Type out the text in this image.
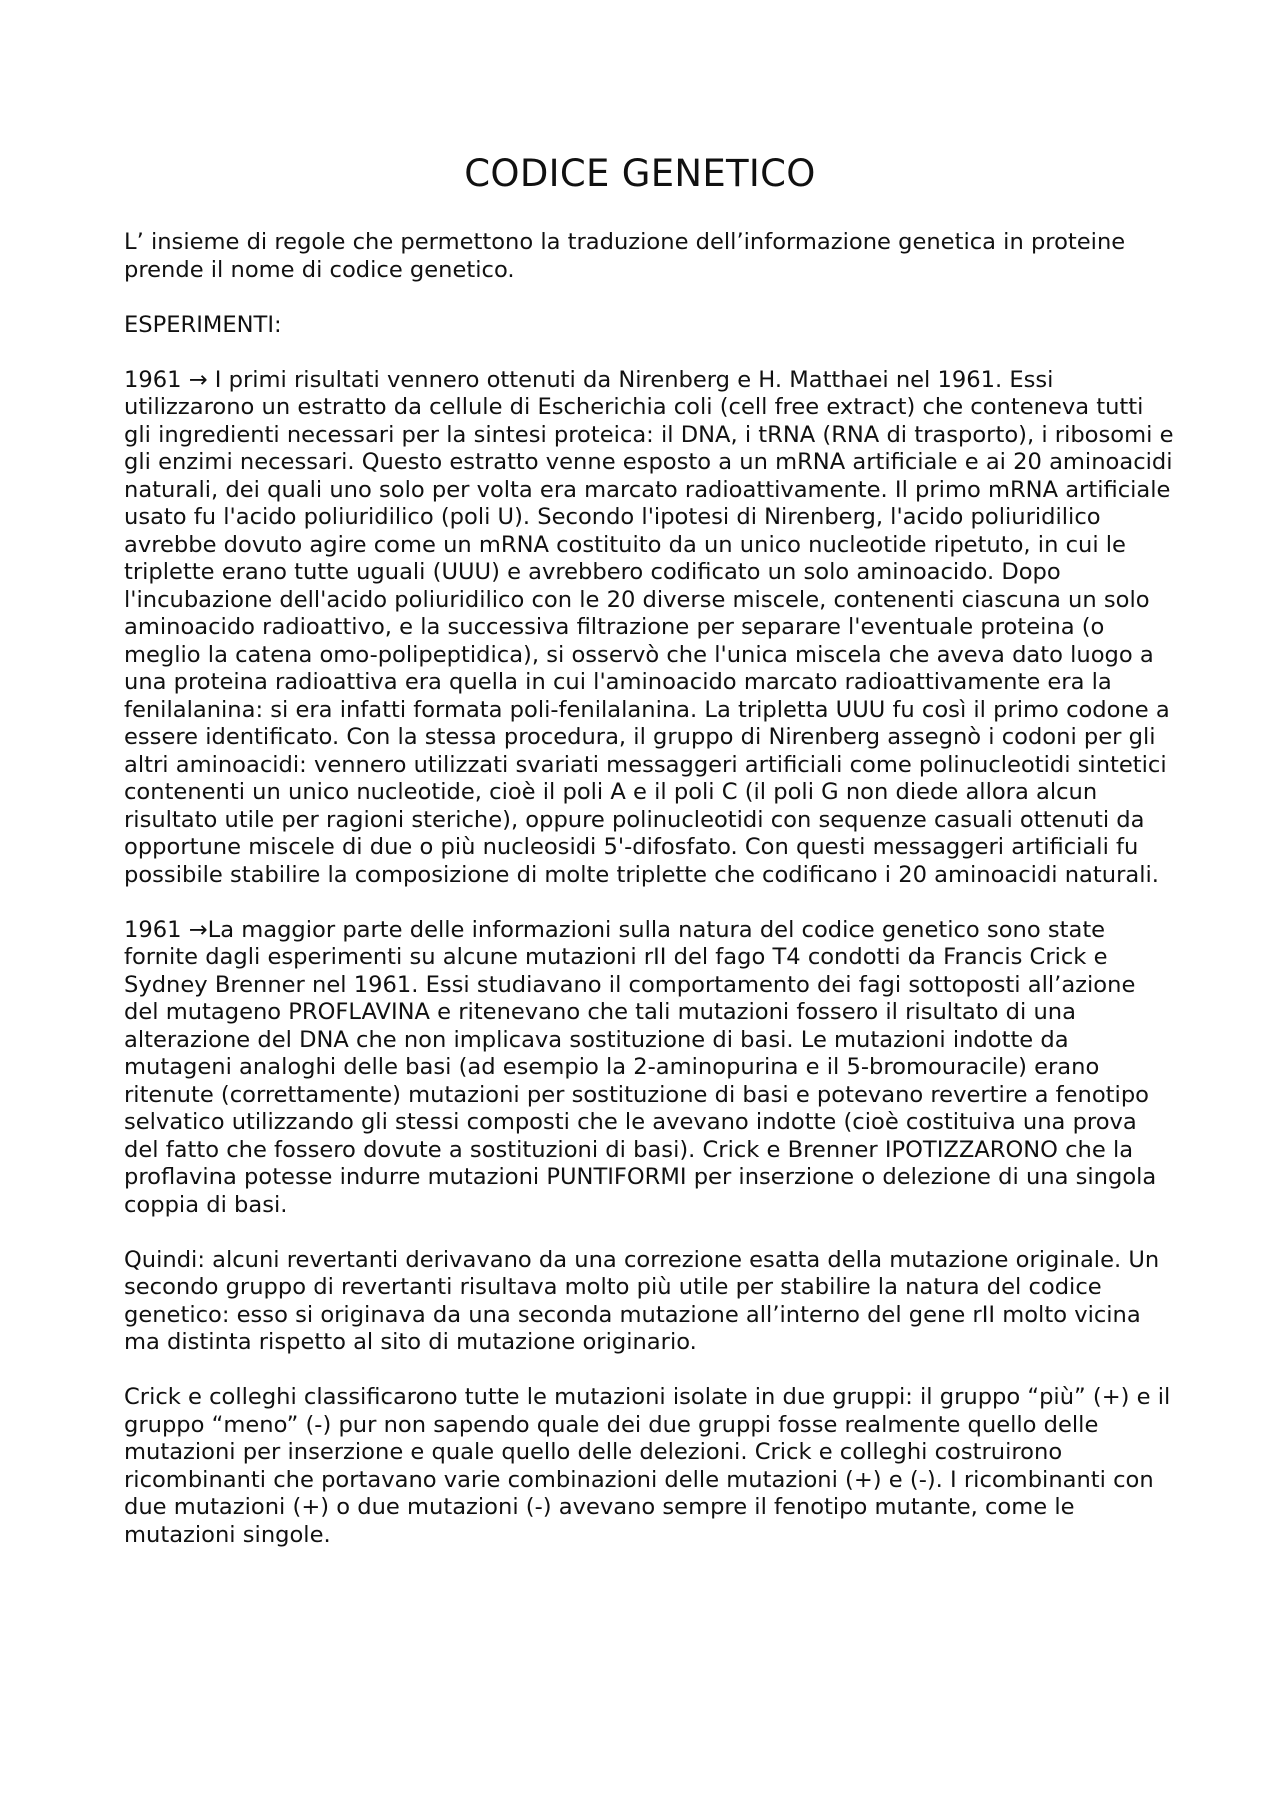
CODICE GENETICO

L’ insieme di regole che permettono la traduzione dell’informazione genetica in proteine prende il nome di codice genetico.

ESPERIMENTI:

1961 → I primi risultati vennero ottenuti da Nirenberg e H. Matthaei nel 1961. Essi utilizzarono un estratto da cellule di Escherichia coli (cell free extract) che conteneva tutti gli ingredienti necessari per la sintesi proteica: il DNA, i tRNA (RNA di trasporto), i ribosomi e gli enzimi necessari. Questo estratto venne esposto a un mRNA artificiale e ai 20 aminoacidi naturali, dei quali uno solo per volta era marcato radioattivamente. Il primo mRNA artificiale usato fu l'acido poliuridilico (poli U). Secondo l'ipotesi di Nirenberg, l'acido poliuridilico avrebbe dovuto agire come un mRNA costituito da un unico nucleotide ripetuto, in cui le triplette erano tutte uguali (UUU) e avrebbero codificato un solo aminoacido. Dopo l'incubazione dell'acido poliuridilico con le 20 diverse miscele, contenenti ciascuna un solo aminoacido radioattivo, e la successiva filtrazione per separare l'eventuale proteina (o meglio la catena omo-polipeptidica), si osservò che l'unica miscela che aveva dato luogo a una proteina radioattiva era quella in cui l'aminoacido marcato radioattivamente era la fenilalanina: si era infatti formata poli-fenilalanina. La tripletta UUU fu così il primo codone a essere identificato. Con la stessa procedura, il gruppo di Nirenberg assegnò i codoni per gli altri aminoacidi: vennero utilizzati svariati messaggeri artificiali come polinucleotidi sintetici contenenti un unico nucleotide, cioè il poli A e il poli C (il poli G non diede allora alcun risultato utile per ragioni steriche), oppure polinucleotidi con sequenze casuali ottenuti da opportune miscele di due o più nucleosidi 5'-difosfato. Con questi messaggeri artificiali fu possibile stabilire la composizione di molte triplette che codificano i 20 aminoacidi naturali.

1961 →La maggior parte delle informazioni sulla natura del codice genetico sono state fornite dagli esperimenti su alcune mutazioni rII del fago T4 condotti da Francis Crick e Sydney Brenner nel 1961. Essi studiavano il comportamento dei fagi sottoposti all’azione del mutageno PROFLAVINA e ritenevano che tali mutazioni fossero il risultato di una alterazione del DNA che non implicava sostituzione di basi. Le mutazioni indotte da mutageni analoghi delle basi (ad esempio la 2-aminopurina e il 5-bromouracile) erano ritenute (correttamente) mutazioni per sostituzione di basi e potevano revertire a fenotipo selvatico utilizzando gli stessi composti che le avevano indotte (cioè costituiva una prova del fatto che fossero dovute a sostituzioni di basi). Crick e Brenner IPOTIZZARONO che la proflavina potesse indurre mutazioni PUNTIFORMI per inserzione o delezione di una singola coppia di basi.

Quindi: alcuni revertanti derivavano da una correzione esatta della mutazione originale. Un secondo gruppo di revertanti risultava molto più utile per stabilire la natura del codice genetico: esso si originava da una seconda mutazione all’interno del gene rII molto vicina ma distinta rispetto al sito di mutazione originario.

Crick e colleghi classificarono tutte le mutazioni isolate in due gruppi: il gruppo “più” (+) e il gruppo “meno” (-) pur non sapendo quale dei due gruppi fosse realmente quello delle mutazioni per inserzione e quale quello delle delezioni. Crick e colleghi costruirono ricombinanti che portavano varie combinazioni delle mutazioni (+) e (-). I ricombinanti con due mutazioni (+) o due mutazioni (-) avevano sempre il fenotipo mutante, come le mutazioni singole.
